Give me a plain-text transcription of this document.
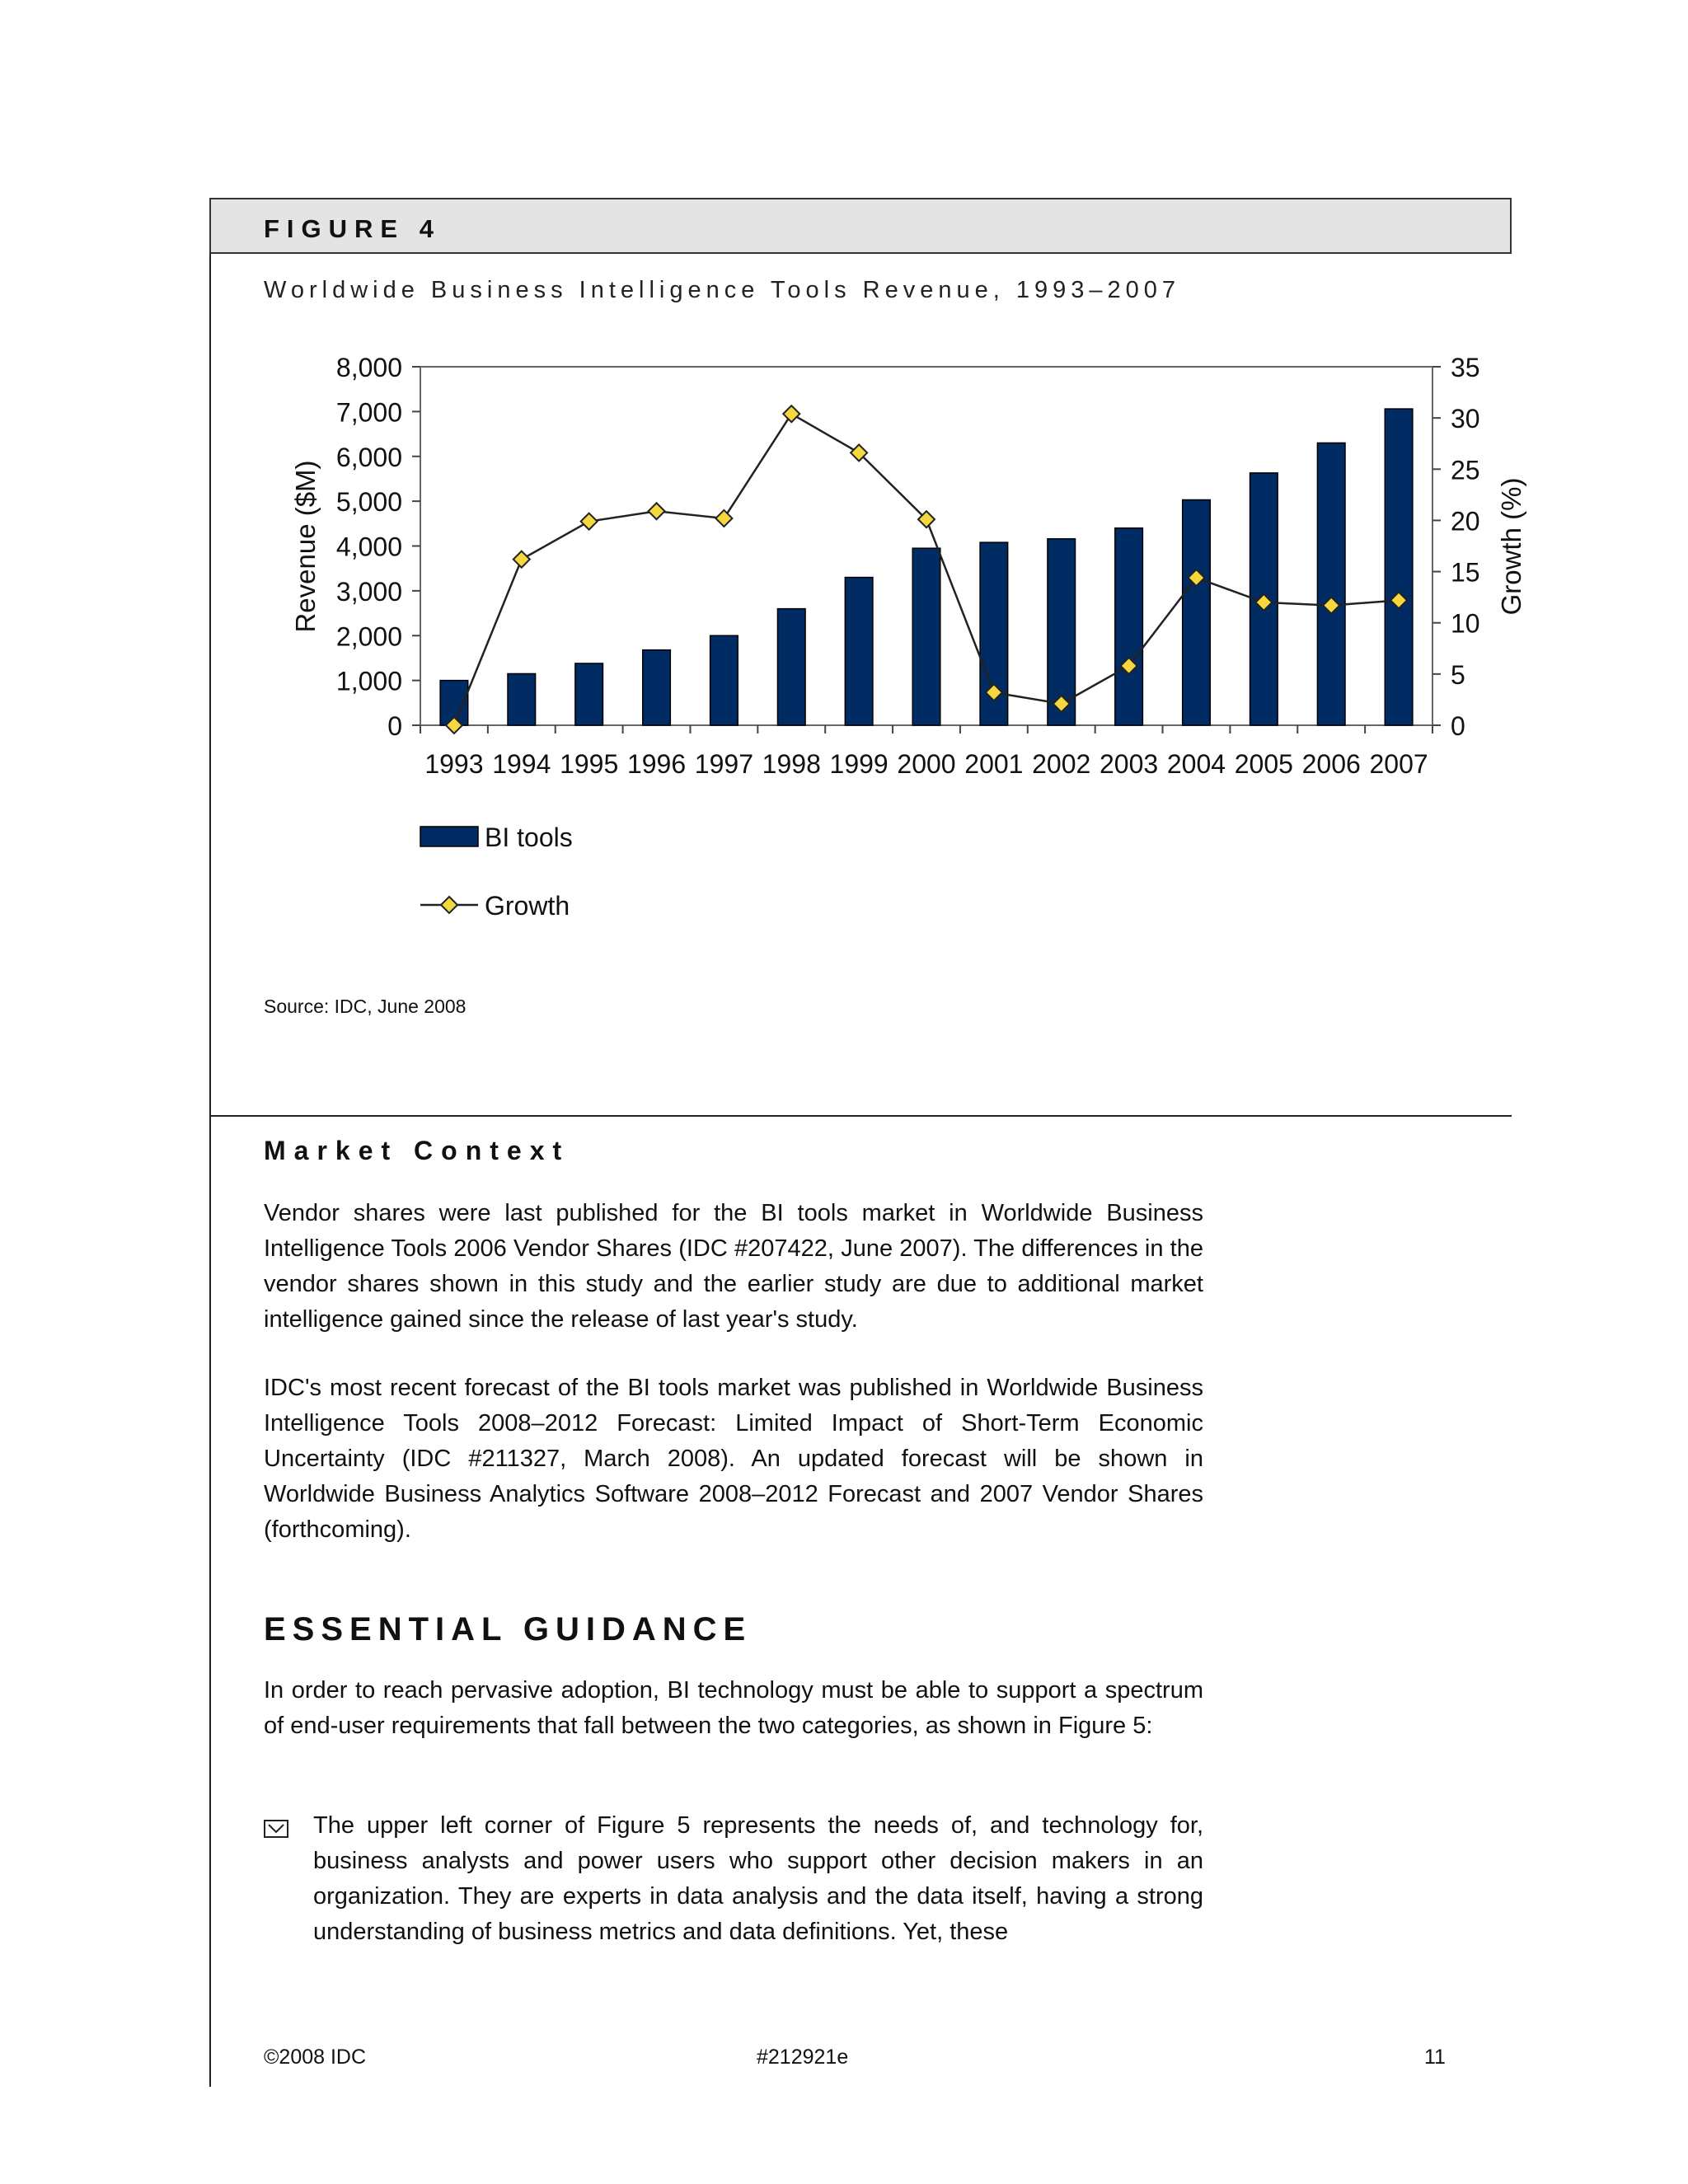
FIGURE 4
Worldwide Business Intelligence Tools Revenue, 1993–2007
0
1,000
2,000
3,000
4,000
5,000
6,000
7,000
8,000
0
5
10
15
20
25
30
35
1993 1994 1995 1996 1997 1998 1999 2000 2001 2002 2003 2004 2005 2006 2007
Revenue ($M)	Growth (%)
BI tools
Growth
Source: IDC, June 2008
Market Context
Vendor shares were last published for the BI tools market in Worldwide Business Intelligence Tools 2006 Vendor Shares (IDC #207422, June 2007). The differences in the vendor shares shown in this study and the earlier study are due to additional market intelligence gained since the release of last year's study.
IDC's most recent forecast of the BI tools market was published in Worldwide Business Intelligence Tools 2008–2012 Forecast: Limited Impact of Short-Term Economic Uncertainty (IDC #211327, March 2008). An updated forecast will be shown in Worldwide Business Analytics Software 2008–2012 Forecast and 2007 Vendor Shares (forthcoming).
ESSENTIAL GUIDANCE
In order to reach pervasive adoption, BI technology must be able to support a spectrum of end-user requirements that fall between the two categories, as shown in Figure 5:
The upper left corner of Figure 5 represents the needs of, and technology for, business analysts and power users who support other decision makers in an organization. They are experts in data analysis and the data itself, having a strong understanding of business metrics and data definitions. Yet, these
©2008 IDC	#212921e	11
